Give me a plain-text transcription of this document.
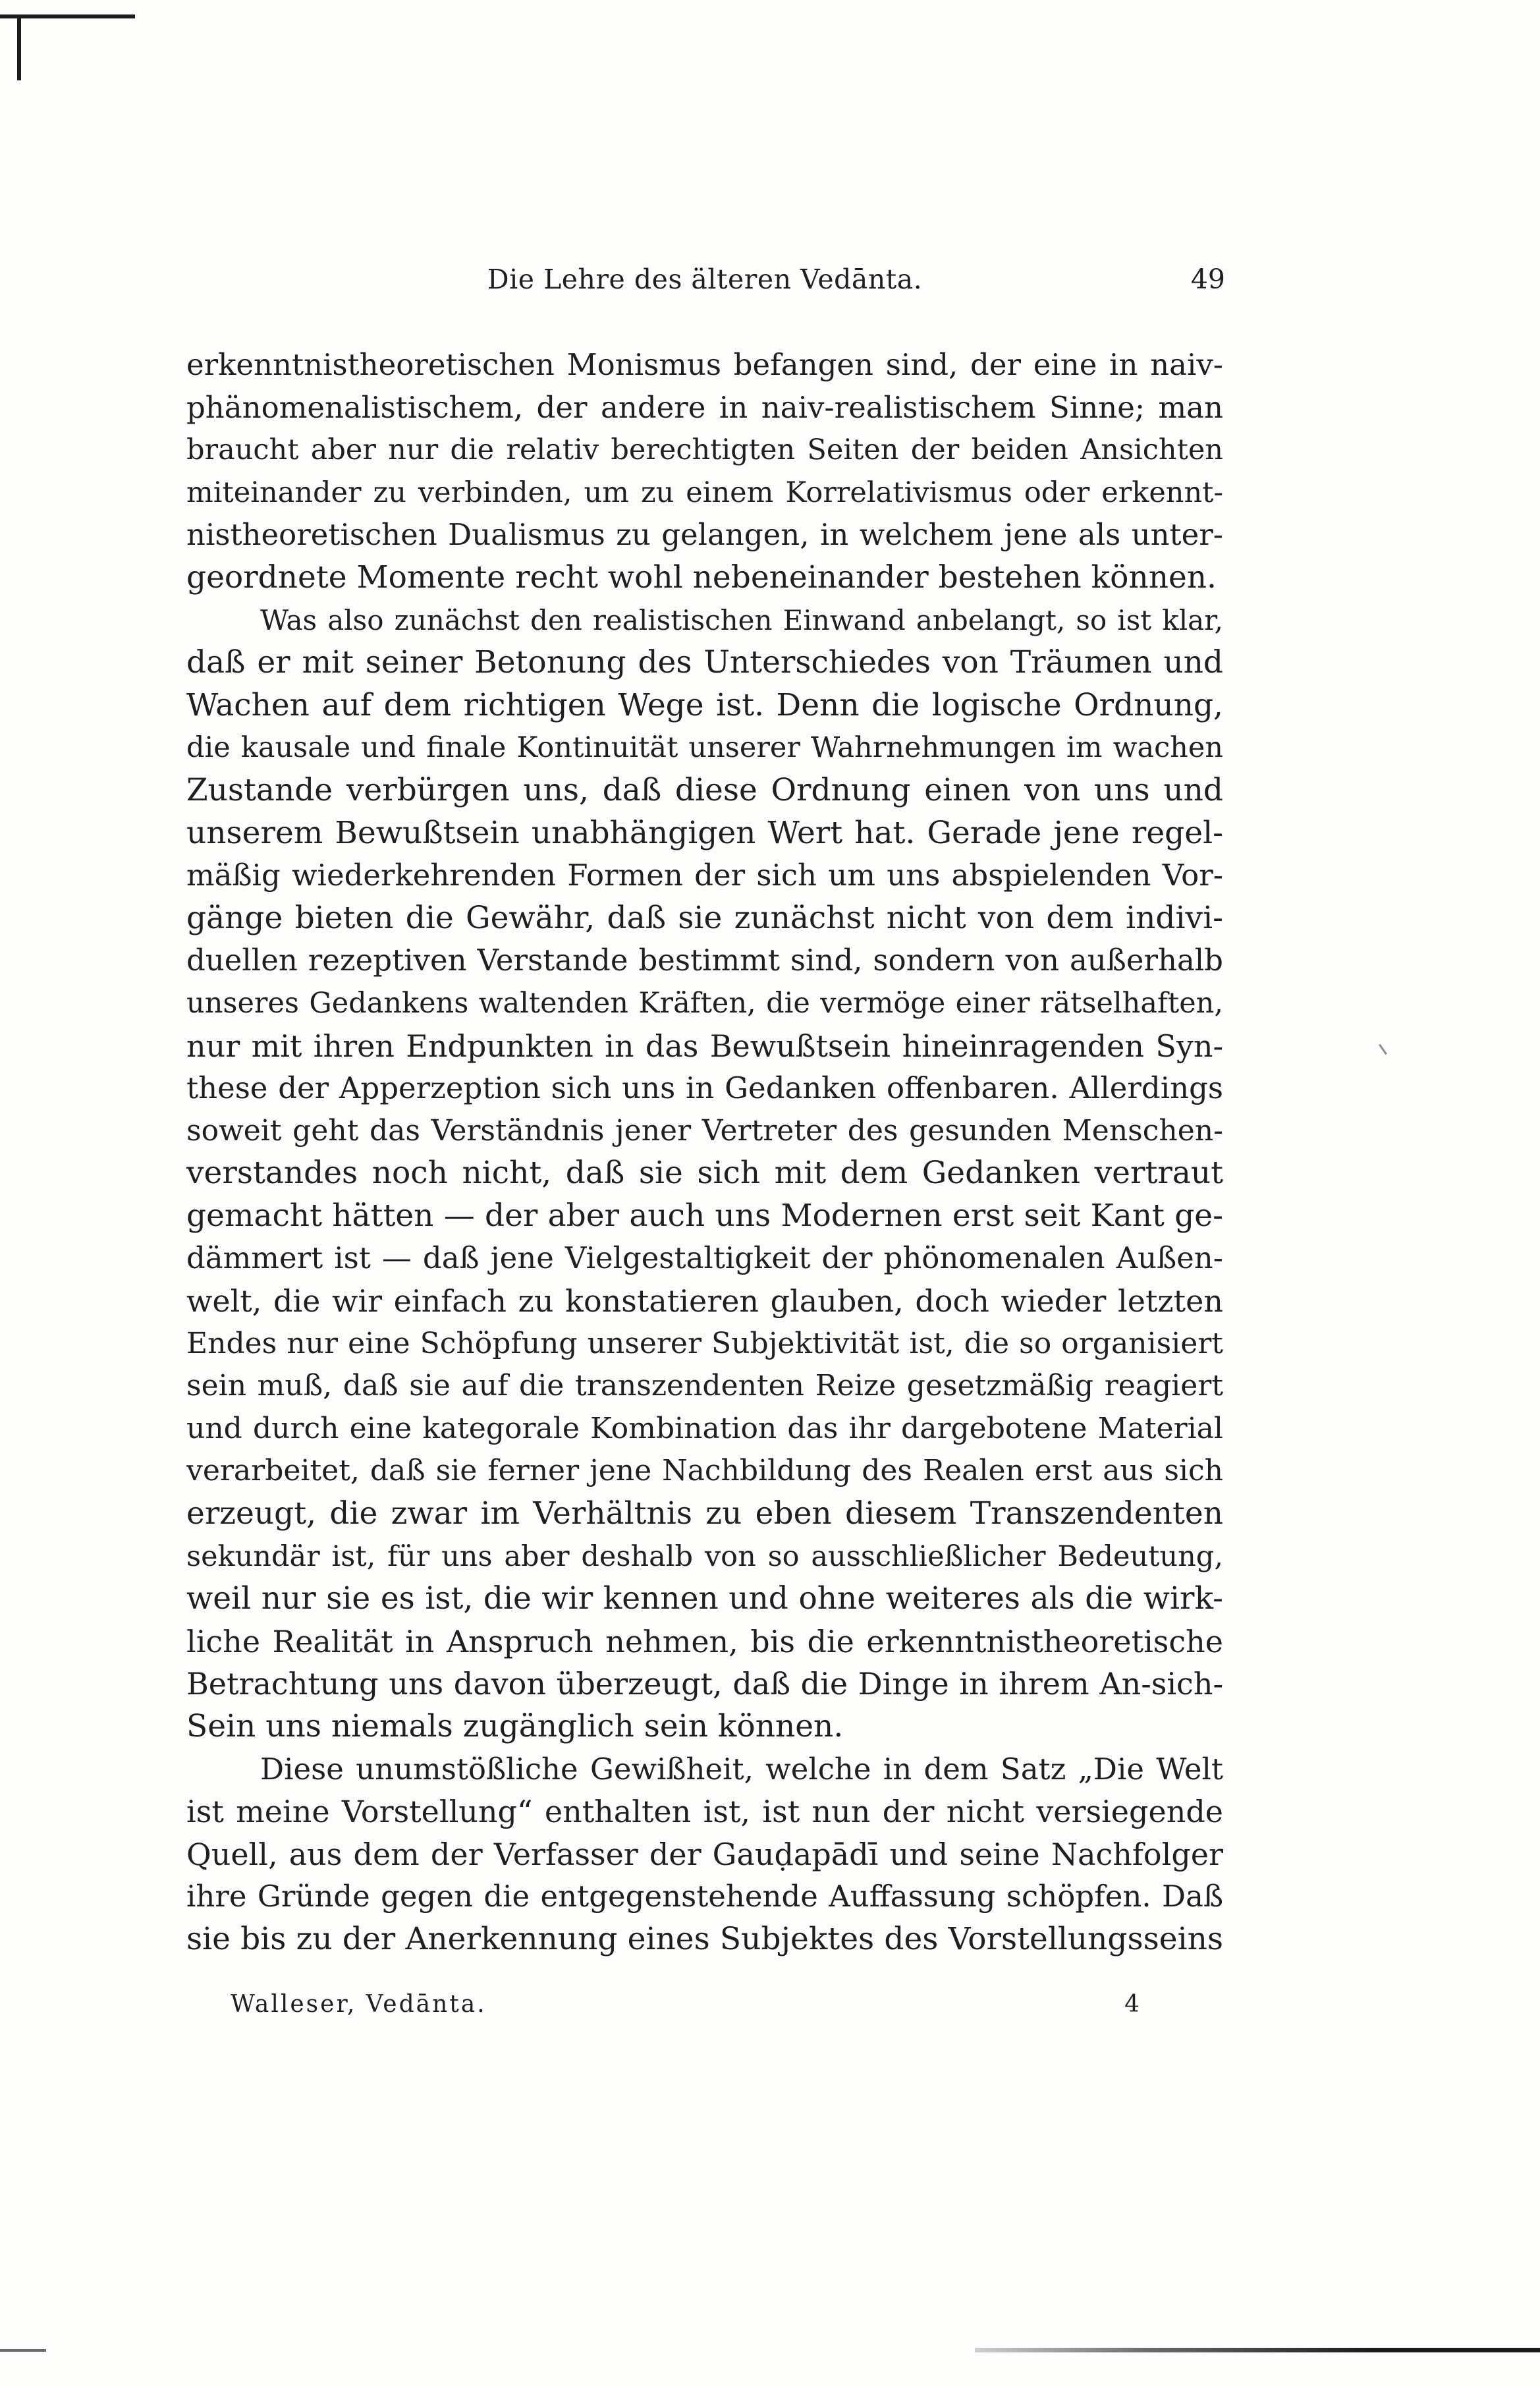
Die Lehre des älteren Vedānta.	49
erkenntnistheoretischen Monismus befangen sind, der eine in naiv-
phänomenalistischem, der andere in naiv-realistischem Sinne; man
braucht aber nur die relativ berechtigten Seiten der beiden Ansichten
miteinander zu verbinden, um zu einem Korrelativismus oder erkennt-
nistheoretischen Dualismus zu gelangen, in welchem jene als unter-
geordnete Momente recht wohl nebeneinander bestehen können.
Was also zunächst den realistischen Einwand anbelangt, so ist klar,
daß er mit seiner Betonung des Unterschiedes von Träumen und
Wachen auf dem richtigen Wege ist. Denn die logische Ordnung,
die kausale und finale Kontinuität unserer Wahrnehmungen im wachen
Zustande verbürgen uns, daß diese Ordnung einen von uns und
unserem Bewußtsein unabhängigen Wert hat. Gerade jene regel-
mäßig wiederkehrenden Formen der sich um uns abspielenden Vor-
gänge bieten die Gewähr, daß sie zunächst nicht von dem indivi-
duellen rezeptiven Verstande bestimmt sind, sondern von außerhalb
unseres Gedankens waltenden Kräften, die vermöge einer rätselhaften,
nur mit ihren Endpunkten in das Bewußtsein hineinragenden Syn-
these der Apperzeption sich uns in Gedanken offenbaren. Allerdings
soweit geht das Verständnis jener Vertreter des gesunden Menschen-
verstandes noch nicht, daß sie sich mit dem Gedanken vertraut
gemacht hätten — der aber auch uns Modernen erst seit Kant ge-
dämmert ist — daß jene Vielgestaltigkeit der phönomenalen Außen-
welt, die wir einfach zu konstatieren glauben, doch wieder letzten
Endes nur eine Schöpfung unserer Subjektivität ist, die so organisiert
sein muß, daß sie auf die transzendenten Reize gesetzmäßig reagiert
und durch eine kategorale Kombination das ihr dargebotene Material
verarbeitet, daß sie ferner jene Nachbildung des Realen erst aus sich
erzeugt, die zwar im Verhältnis zu eben diesem Transzendenten
sekundär ist, für uns aber deshalb von so ausschließlicher Bedeutung,
weil nur sie es ist, die wir kennen und ohne weiteres als die wirk-
liche Realität in Anspruch nehmen, bis die erkenntnistheoretische
Betrachtung uns davon überzeugt, daß die Dinge in ihrem An-sich-
Sein uns niemals zugänglich sein können.
Diese unumstößliche Gewißheit, welche in dem Satz „Die Welt
ist meine Vorstellung“ enthalten ist, ist nun der nicht versiegende
Quell, aus dem der Verfasser der Gauḍapādī und seine Nachfolger
ihre Gründe gegen die entgegenstehende Auffassung schöpfen. Daß
sie bis zu der Anerkennung eines Subjektes des Vorstellungsseins
Walleser, Vedānta.	4
